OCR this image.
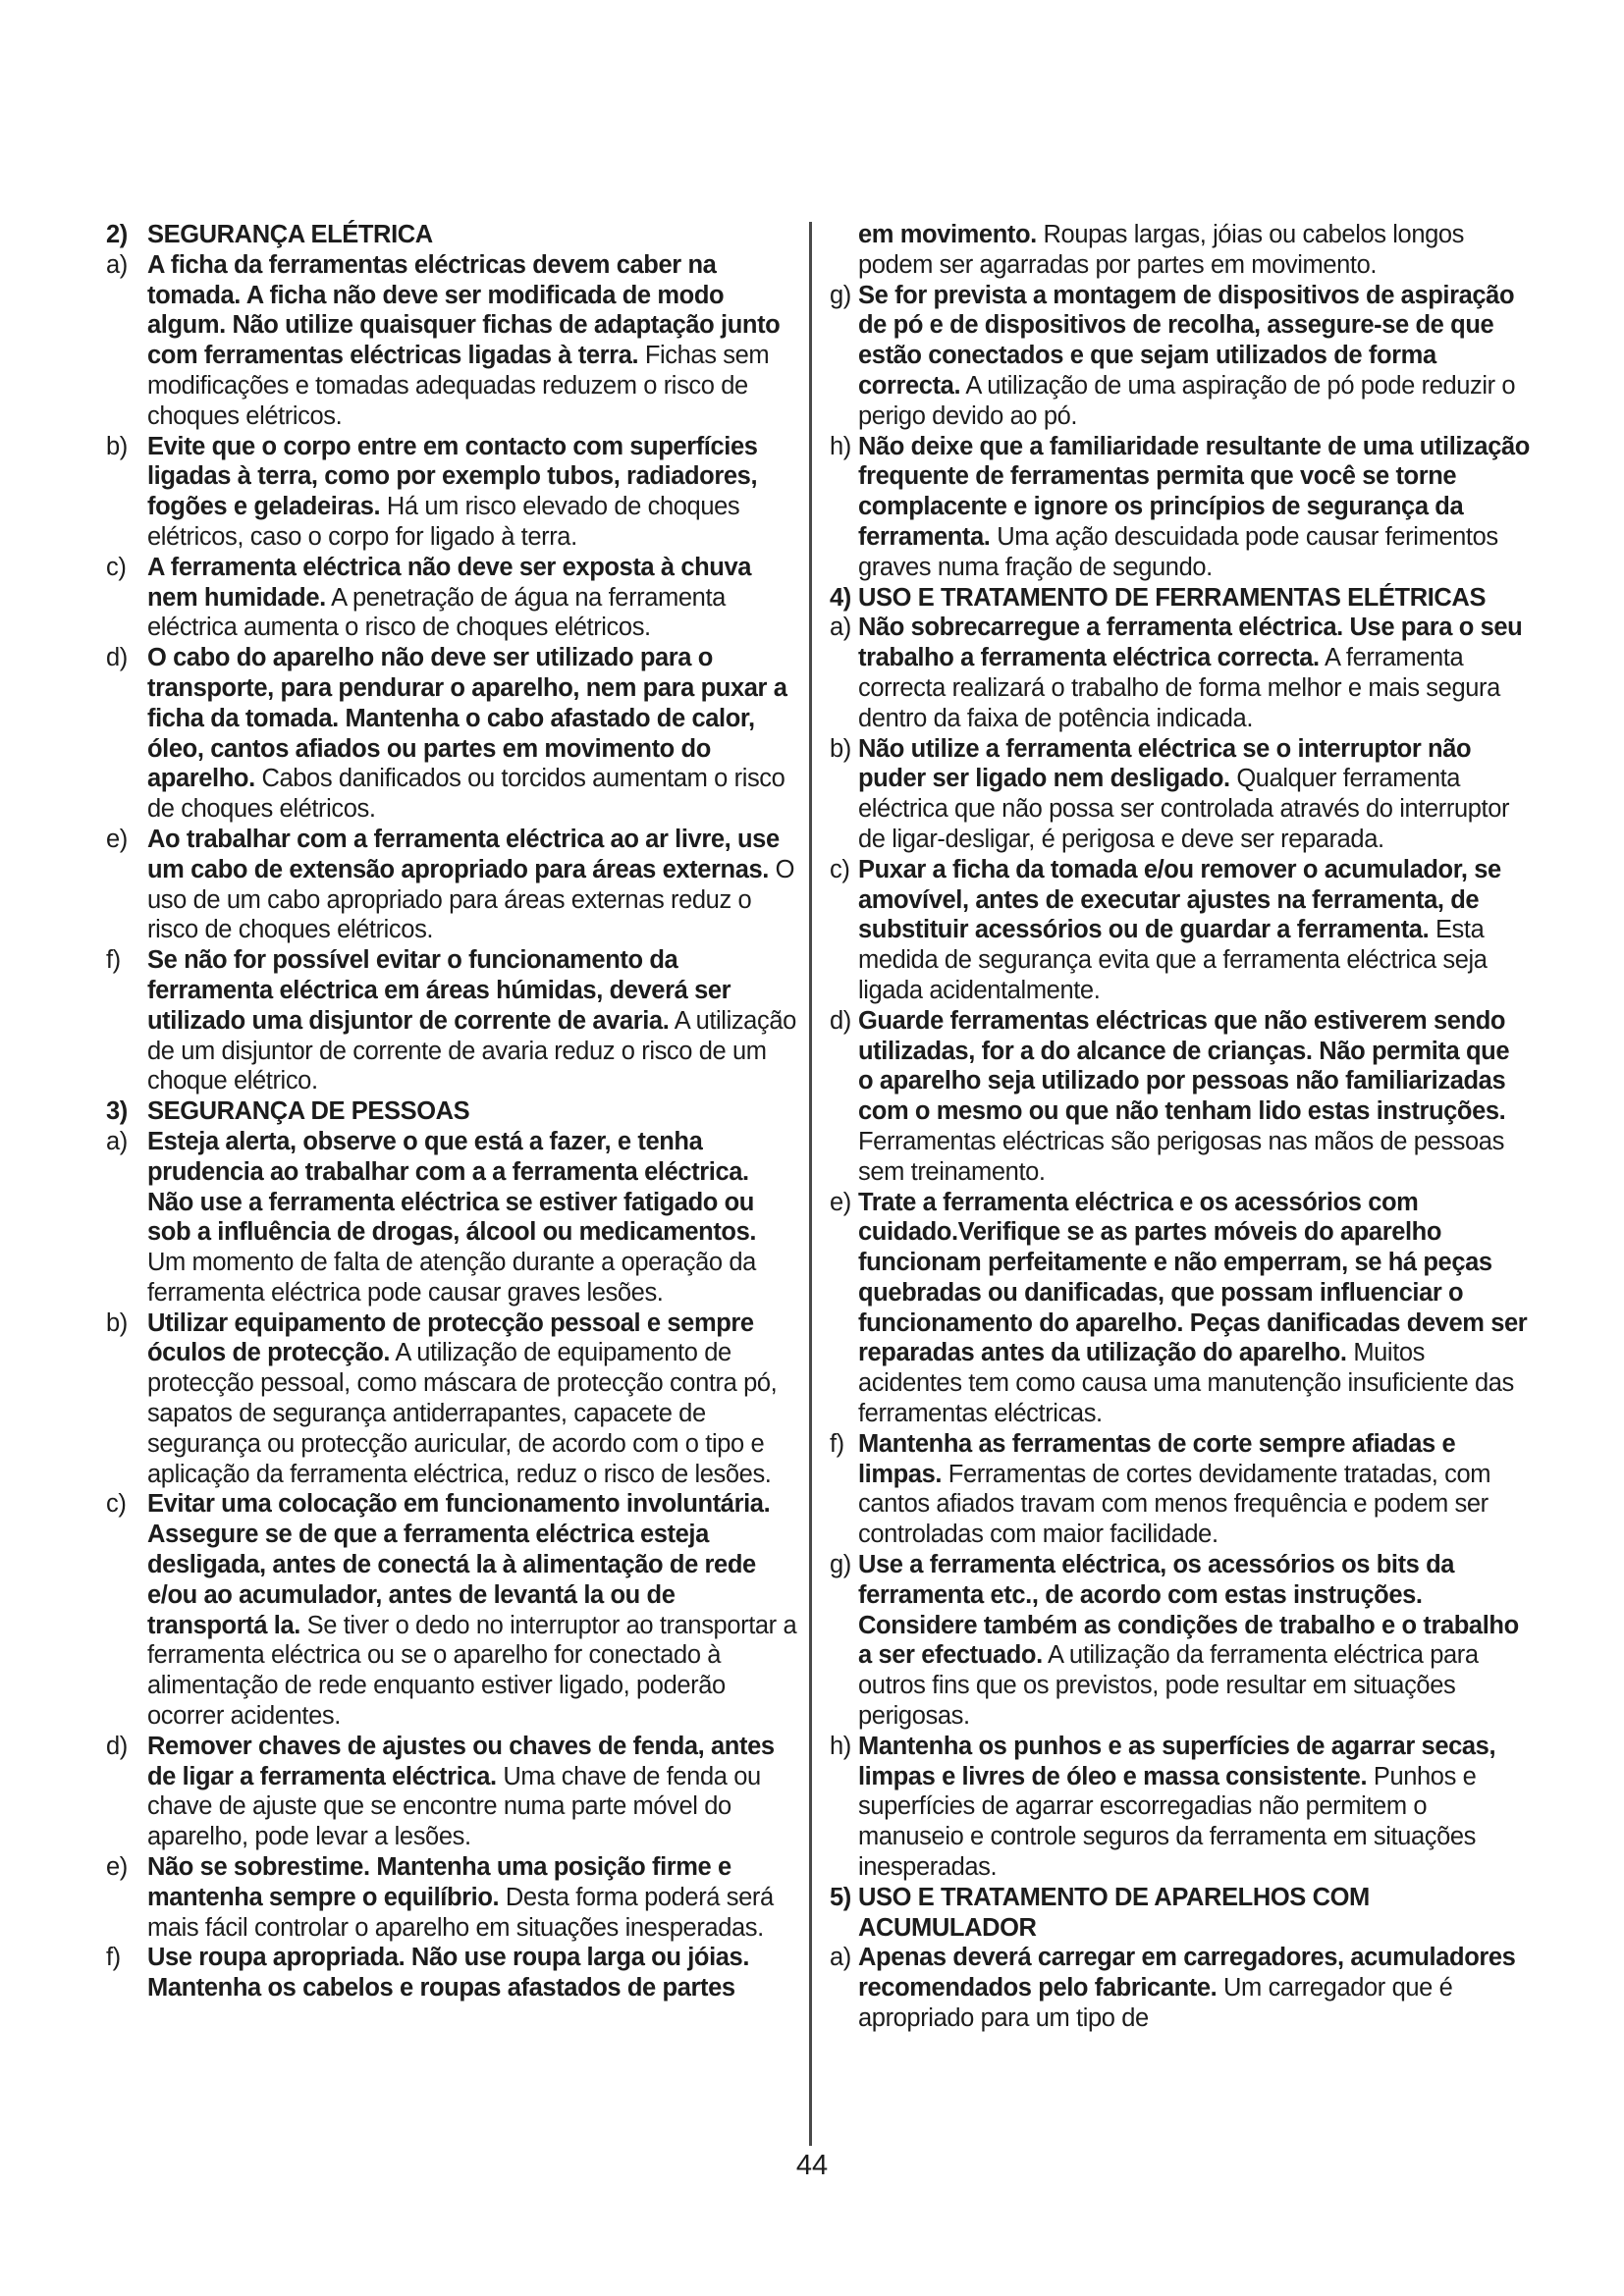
2) SEGURANÇA ELÉTRICA

a) A ficha da ferramentas eléctricas devem caber na tomada. A ficha não deve ser modificada de modo algum. Não utilize quaisquer fichas de adaptação junto com ferramentas eléctricas ligadas à terra. Fichas sem modificações e tomadas adequadas reduzem o risco de choques elétricos.

b) Evite que o corpo entre em contacto com superfícies ligadas à terra, como por exemplo tubos, radiadores, fogões e geladeiras. Há um risco elevado de choques elétricos, caso o corpo for ligado à terra.

c) A ferramenta eléctrica não deve ser exposta à chuva nem humidade. A penetração de água na ferramenta eléctrica aumenta o risco de choques elétricos.

d) O cabo do aparelho não deve ser utilizado para o transporte, para pendurar o aparelho, nem para puxar a ficha da tomada. Mantenha o cabo afastado de calor, óleo, cantos afiados ou partes em movimento do aparelho. Cabos danificados ou torcidos aumentam o risco de choques elétricos.

e) Ao trabalhar com a ferramenta eléctrica ao ar livre, use um cabo de extensão apropriado para áreas externas. O uso de um cabo apropriado para áreas externas reduz o risco de choques elétricos.

f)	Se não for possível evitar o funcionamento da ferramenta eléctrica em áreas húmidas, deverá ser utilizado uma disjuntor de corrente de avaria. A utilização de um disjuntor de corrente de avaria reduz o risco de um choque elétrico.

3) SEGURANÇA DE PESSOAS

a) Esteja alerta, observe o que está a fazer, e tenha prudencia ao trabalhar com a a ferramenta eléctrica. Não use a ferramenta eléctrica se estiver fatigado ou sob a influência de drogas, álcool ou medicamentos. Um momento de falta de atenção durante a operação da ferramenta eléctrica pode causar graves lesões.

b) Utilizar equipamento de protecção pessoal e sempre óculos de protecção. A utilização de equipamento de protecção pessoal, como máscara de protecção contra pó, sapatos de segurança antiderrapantes, capacete de segurança ou protecção auricular, de acordo com o tipo e aplicação da ferramenta eléctrica, reduz o risco de lesões.

c) Evitar uma colocação em funcionamento involuntária. Assegure se de que a ferramenta eléctrica esteja desligada, antes de conectá la à alimentação de rede e/ou ao acumulador, antes de levantá la ou de transportá la. Se tiver o dedo no interruptor ao transportar a ferramenta eléctrica ou se o aparelho for conectado à alimentação de rede enquanto estiver ligado, poderão ocorrer acidentes.

d) Remover chaves de ajustes ou chaves de fenda, antes de ligar a ferramenta eléctrica. Uma chave de fenda ou chave de ajuste que se encontre numa parte móvel do aparelho, pode levar a lesões.

e) Não se sobrestime. Mantenha uma posição firme e mantenha sempre o equilíbrio. Desta forma poderá será mais fácil controlar o aparelho em situações inesperadas.

f)	Use roupa apropriada. Não use roupa larga ou jóias. Mantenha os cabelos e roupas afastados de partes

em movimento. Roupas largas, jóias ou cabelos longos podem ser agarradas por partes em movimento.

g) Se for prevista a montagem de dispositivos de aspiração de pó e de dispositivos de recolha, assegure-se de que estão conectados e que sejam utilizados de forma correcta. A utilização de uma aspiração de pó pode reduzir o perigo devido ao pó.

h) Não deixe que a familiaridade resultante de uma utilização frequente de ferramentas permita que você se torne complacente e ignore os princípios de segurança da ferramenta. Uma ação descuidada pode causar ferimentos graves numa fração de segundo.

4) USO E TRATAMENTO DE FERRAMENTAS ELÉTRICAS

a) Não sobrecarregue a ferramenta eléctrica. Use para o seu trabalho a ferramenta eléctrica correcta. A ferramenta correcta realizará o trabalho de forma melhor e mais segura dentro da faixa de potência indicada.

b) Não utilize a ferramenta eléctrica se o interruptor não puder ser ligado nem desligado. Qualquer ferramenta eléctrica que não possa ser controlada através do interruptor de ligar-desligar, é perigosa e deve ser reparada.

c) Puxar a ficha da tomada e/ou remover o acumulador, se amovível, antes de executar ajustes na ferramenta, de substituir acessórios ou de guardar a ferramenta. Esta medida de segurança evita que a ferramenta eléctrica seja ligada acidentalmente.

d) Guarde ferramentas eléctricas que não estiverem sendo utilizadas, for a do alcance de crianças. Não permita que o aparelho seja utilizado por pessoas não familiarizadas com o mesmo ou que não tenham lido estas instruções. Ferramentas eléctricas são perigosas nas mãos de pessoas sem treinamento.

e) Trate a ferramenta eléctrica e os acessórios com cuidado.Verifique se as partes móveis do aparelho funcionam perfeitamente e não emperram, se há peças quebradas ou danificadas, que possam influenciar o funcionamento do aparelho. Peças danificadas devem ser reparadas antes da utilização do aparelho. Muitos acidentes tem como causa uma manutenção insuficiente das ferramentas eléctricas.

f) Mantenha as ferramentas de corte sempre afiadas e limpas. Ferramentas de cortes devidamente tratadas, com cantos afiados travam com menos frequência e podem ser controladas com maior facilidade.

g) Use a ferramenta eléctrica, os acessórios os bits da ferramenta etc., de acordo com estas instruções. Considere também as condições de trabalho e o trabalho a ser efectuado. A utilização da ferramenta eléctrica para outros fins que os previstos, pode resultar em situações perigosas.

h) Mantenha os punhos e as superfícies de agarrar secas, limpas e livres de óleo e massa consistente. Punhos e superfícies de agarrar escorregadias não permitem o manuseio e controle seguros da ferramenta em situações inesperadas.

5) USO E TRATAMENTO DE APARELHOS COM ACUMULADOR

a) Apenas deverá carregar em carregadores, acumuladores recomendados pelo fabricante. Um carregador que é apropriado para um tipo de

44
